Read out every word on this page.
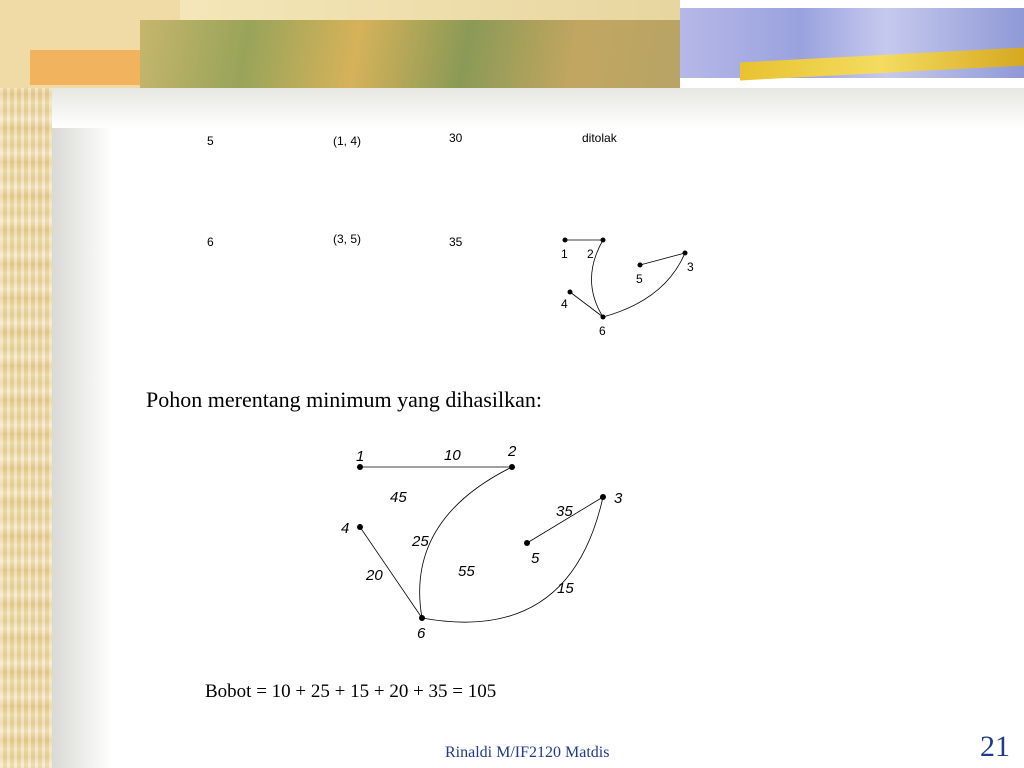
5	(1, 4)	30	ditolak
6	(3, 5)	35
1 2
3
4
5
6
Pohon merentang minimum yang dihasilkan:
1	2
3
4
5
6
10
45
25
20	55
35
15
Bobot = 10 + 25 + 15 + 20 + 35 = 105
Rinaldi M/IF2120 Matdis	21
